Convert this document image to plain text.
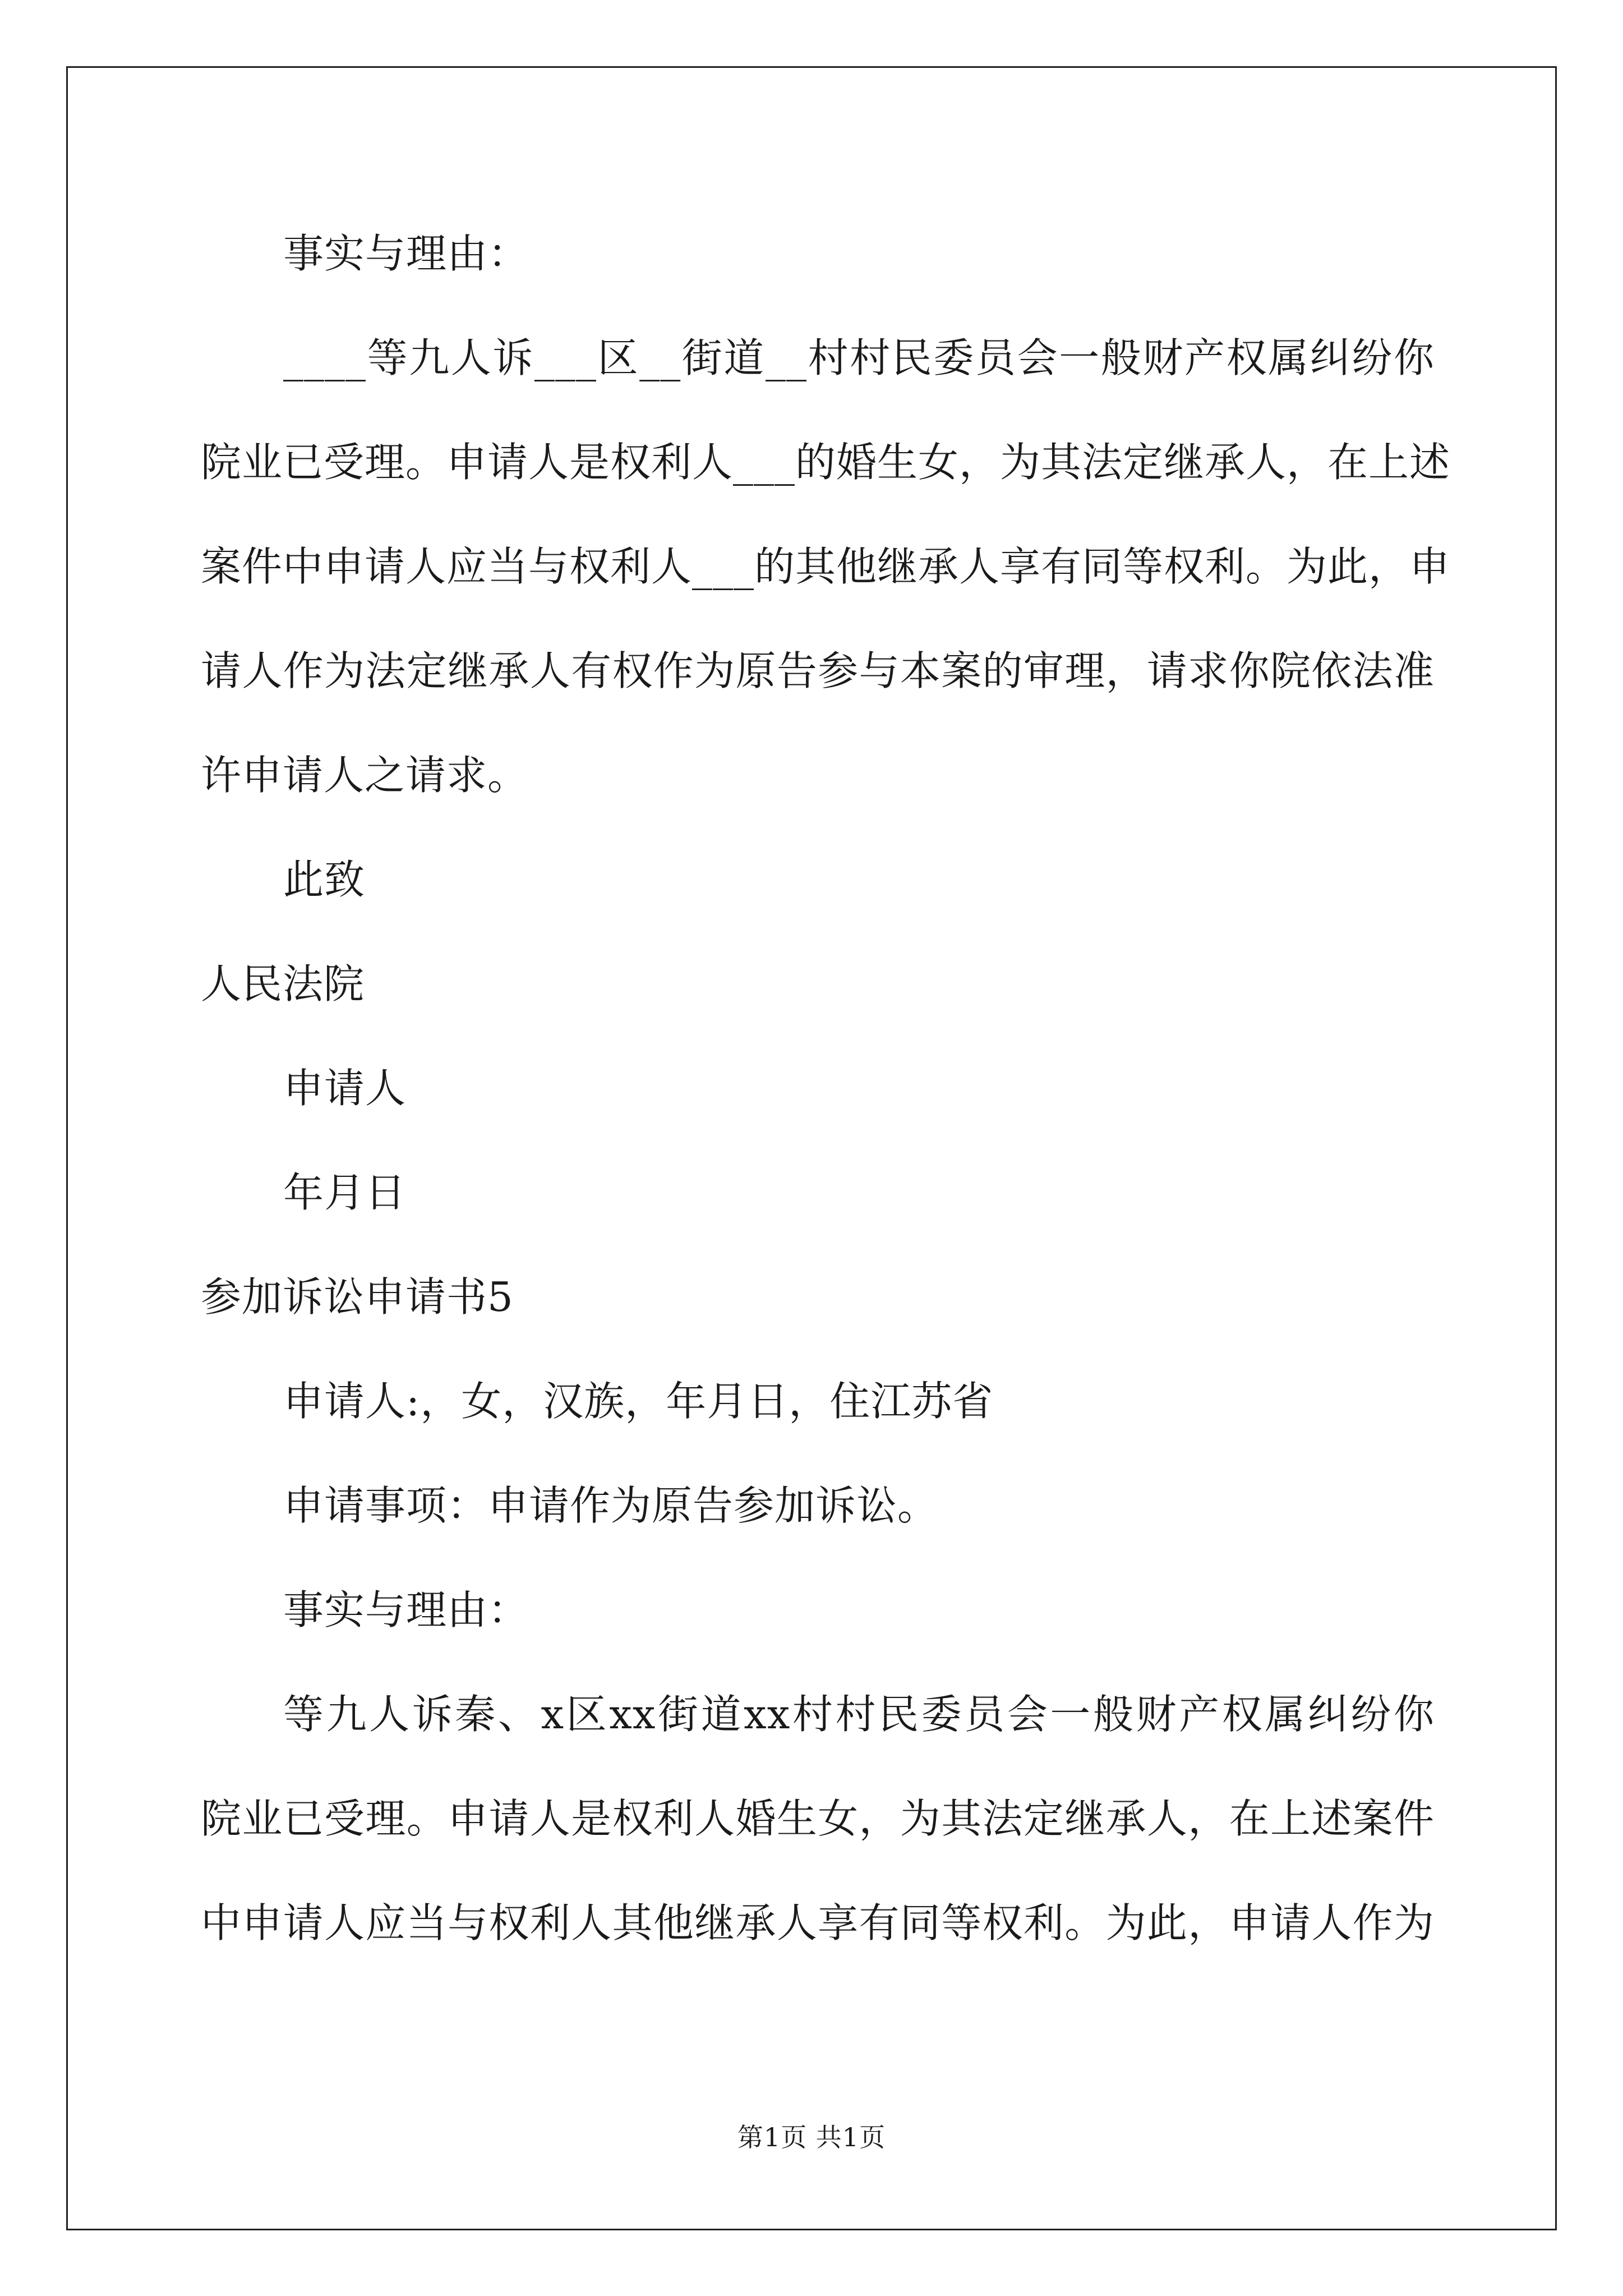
事实与理由：
____等九人诉___区__街道__村村民委员会一般财产权属纠纷你
院业已受理。申请人是权利人___的婚生女，为其法定继承人，在上述
案件中申请人应当与权利人___的其他继承人享有同等权利。为此，申
请人作为法定继承人有权作为原告参与本案的审理，请求你院依法准
许申请人之请求。
此致
人民法院
申请人
年月日
参加诉讼申请书5
申请人:，女，汉族，年月日，住江苏省
申请事项：申请作为原告参加诉讼。
事实与理由：
等九人诉秦、x区xx街道xx村村民委员会一般财产权属纠纷你
院业已受理。申请人是权利人婚生女，为其法定继承人，在上述案件
中申请人应当与权利人其他继承人享有同等权利。为此，申请人作为
第1页 共1页
